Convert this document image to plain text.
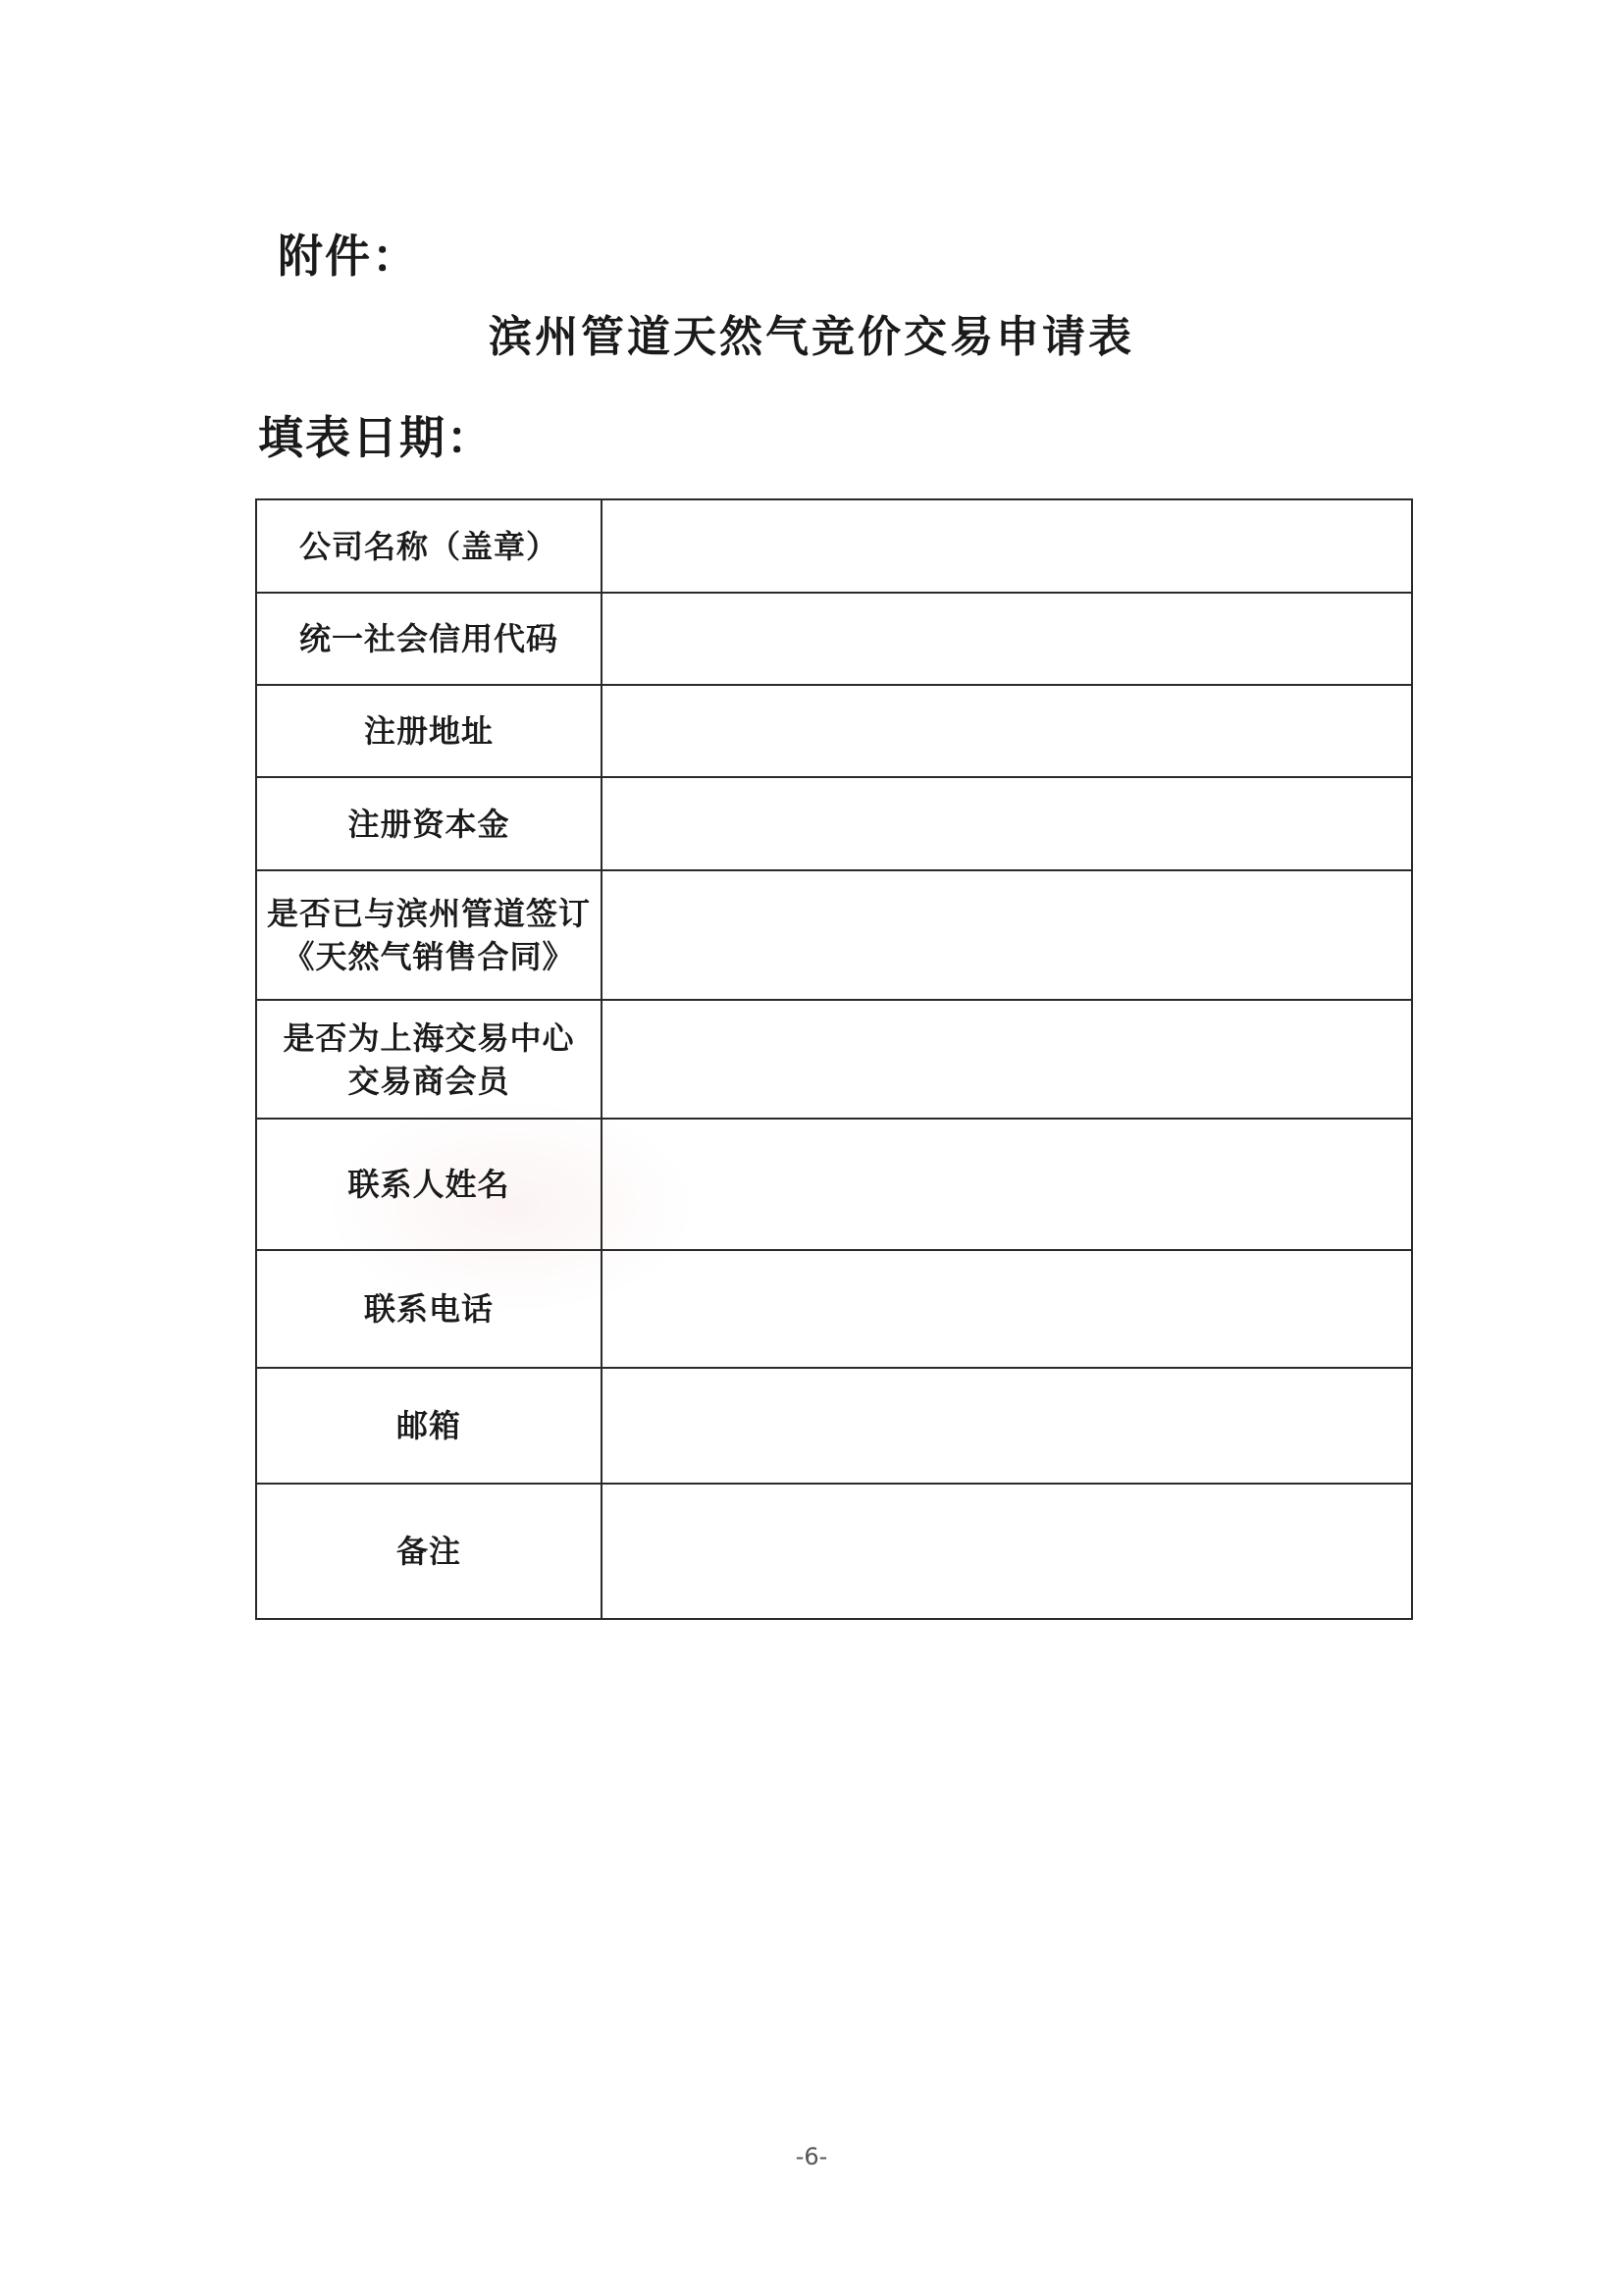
附件：
滨州管道天然气竞价交易申请表
填表日期：
公司名称（盖章）	
统一社会信用代码	
注册地址	
注册资本金	
是否已与滨州管道签订
《天然气销售合同》	
是否为上海交易中心
交易商会员	
联系人姓名	
联系电话	
邮箱	
备注	
-6-
